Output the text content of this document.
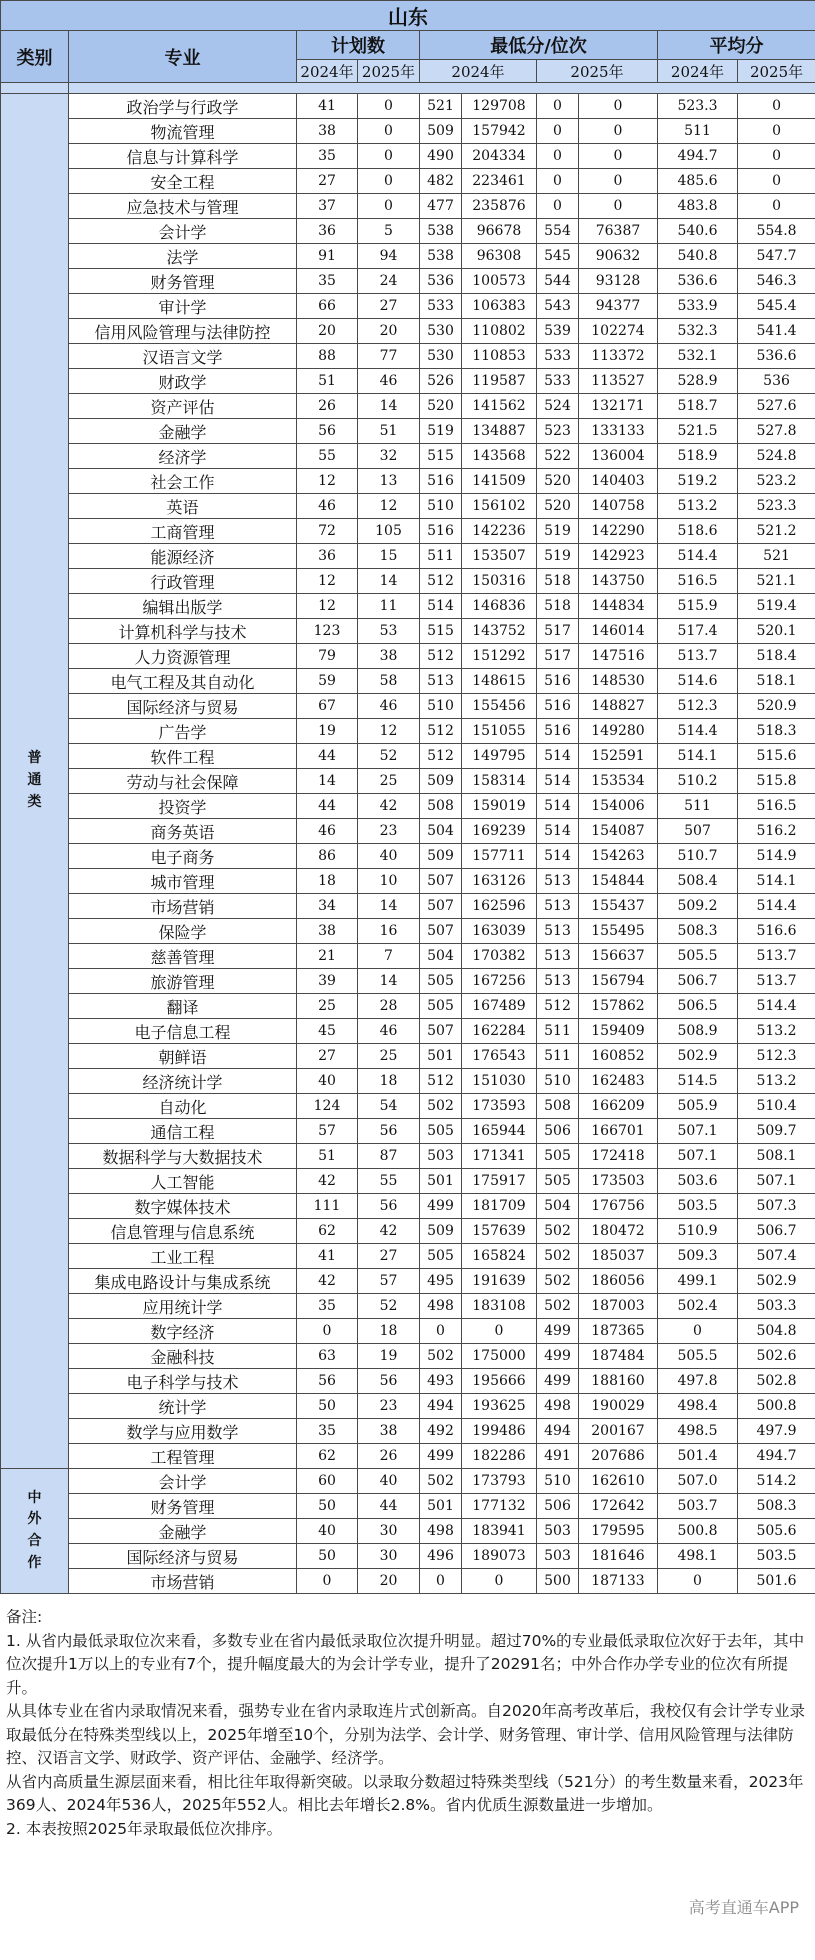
山东									
类别	专业	计划数		最低分/位次				平均分	
		2024年	2025年	2024年		2025年		2024年	2025年

普
通
类	政治学与行政学	41	0	521	129708	0	0	523.3	0
	物流管理	38	0	509	157942	0	0	511	0
	信息与计算科学	35	0	490	204334	0	0	494.7	0
	安全工程	27	0	482	223461	0	0	485.6	0
	应急技术与管理	37	0	477	235876	0	0	483.8	0
	会计学	36	5	538	96678	554	76387	540.6	554.8
	法学	91	94	538	96308	545	90632	540.8	547.7
	财务管理	35	24	536	100573	544	93128	536.6	546.3
	审计学	66	27	533	106383	543	94377	533.9	545.4
	信用风险管理与法律防控	20	20	530	110802	539	102274	532.3	541.4
	汉语言文学	88	77	530	110853	533	113372	532.1	536.6
	财政学	51	46	526	119587	533	113527	528.9	536
	资产评估	26	14	520	141562	524	132171	518.7	527.6
	金融学	56	51	519	134887	523	133133	521.5	527.8
	经济学	55	32	515	143568	522	136004	518.9	524.8
	社会工作	12	13	516	141509	520	140403	519.2	523.2
	英语	46	12	510	156102	520	140758	513.2	523.3
	工商管理	72	105	516	142236	519	142290	518.6	521.2
	能源经济	36	15	511	153507	519	142923	514.4	521
	行政管理	12	14	512	150316	518	143750	516.5	521.1
	编辑出版学	12	11	514	146836	518	144834	515.9	519.4
	计算机科学与技术	123	53	515	143752	517	146014	517.4	520.1
	人力资源管理	79	38	512	151292	517	147516	513.7	518.4
	电气工程及其自动化	59	58	513	148615	516	148530	514.6	518.1
	国际经济与贸易	67	46	510	155456	516	148827	512.3	520.9
	广告学	19	12	512	151055	516	149280	514.4	518.3
	软件工程	44	52	512	149795	514	152591	514.1	515.6
	劳动与社会保障	14	25	509	158314	514	153534	510.2	515.8
	投资学	44	42	508	159019	514	154006	511	516.5
	商务英语	46	23	504	169239	514	154087	507	516.2
	电子商务	86	40	509	157711	514	154263	510.7	514.9
	城市管理	18	10	507	163126	513	154844	508.4	514.1
	市场营销	34	14	507	162596	513	155437	509.2	514.4
	保险学	38	16	507	163039	513	155495	508.3	516.6
	慈善管理	21	7	504	170382	513	156637	505.5	513.7
	旅游管理	39	14	505	167256	513	156794	506.7	513.7
	翻译	25	28	505	167489	512	157862	506.5	514.4
	电子信息工程	45	46	507	162284	511	159409	508.9	513.2
	朝鲜语	27	25	501	176543	511	160852	502.9	512.3
	经济统计学	40	18	512	151030	510	162483	514.5	513.2
	自动化	124	54	502	173593	508	166209	505.9	510.4
	通信工程	57	56	505	165944	506	166701	507.1	509.7
	数据科学与大数据技术	51	87	503	171341	505	172418	507.1	508.1
	人工智能	42	55	501	175917	505	173503	503.6	507.1
	数字媒体技术	111	56	499	181709	504	176756	503.5	507.3
	信息管理与信息系统	62	42	509	157639	502	180472	510.9	506.7
	工业工程	41	27	505	165824	502	185037	509.3	507.4
	集成电路设计与集成系统	42	57	495	191639	502	186056	499.1	502.9
	应用统计学	35	52	498	183108	502	187003	502.4	503.3
	数字经济	0	18	0	0	499	187365	0	504.8
	金融科技	63	19	502	175000	499	187484	505.5	502.6
	电子科学与技术	56	56	493	195666	499	188160	497.8	502.8
	统计学	50	23	494	193625	498	190029	498.4	500.8
	数学与应用数学	35	38	492	199486	494	200167	498.5	497.9
	工程管理	62	26	499	182286	491	207686	501.4	494.7
中
外
合
作	会计学	60	40	502	173793	510	162610	507.0	514.2
	财务管理	50	44	501	177132	506	172642	503.7	508.3
	金融学	40	30	498	183941	503	179595	500.8	505.6
	国际经济与贸易	50	30	496	189073	503	181646	498.1	503.5
	市场营销	0	20	0	0	500	187133	0	501.6

备注:

1. 从省内最低录取位次来看，多数专业在省内最低录取位次提升明显。超过70%的专业最低录取位次好于去年，其中位次提升1万以上的专业有7个，提升幅度最大的为会计学专业，提升了20291名；中外合作办学专业的位次有所提升。

从具体专业在省内录取情况来看，强势专业在省内录取连片式创新高。自2020年高考改革后，我校仅有会计学专业录取最低分在特殊类型线以上，2025年增至10个，分别为法学、会计学、财务管理、审计学、信用风险管理与法律防控、汉语言文学、财政学、资产评估、金融学、经济学。

从省内高质量生源层面来看，相比往年取得新突破。以录取分数超过特殊类型线（521分）的考生数量来看，2023年369人、2024年536人，2025年552人。相比去年增长2.8%。省内优质生源数量进一步增加。

2. 本表按照2025年录取最低位次排序。

高考直通车APP
